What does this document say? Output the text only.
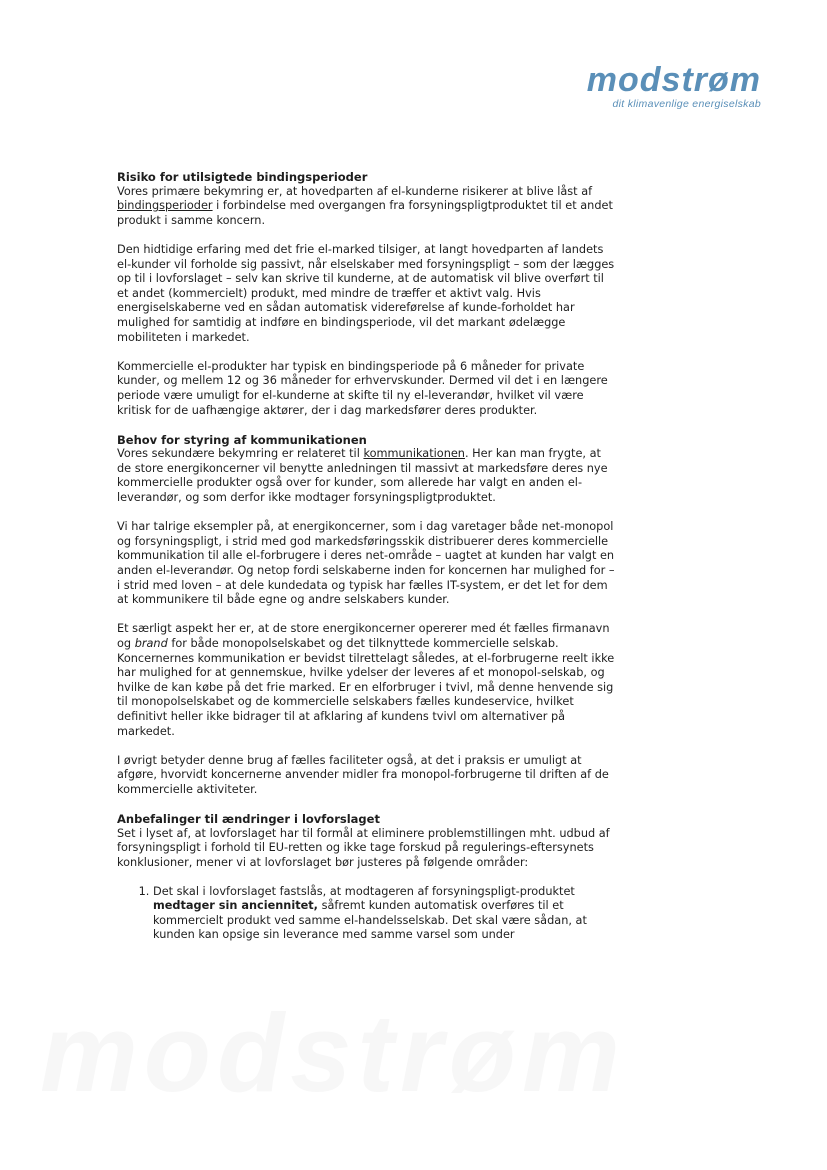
modstrøm
dit klimavenlige energiselskab
Risiko for utilsigtede bindingsperioder

Vores primære bekymring er, at hovedparten af el-kunderne risikerer at blive låst af bindingsperioder i forbindelse med overgangen fra forsyningspligtproduktet til et andet produkt i samme koncern.

Den hidtidige erfaring med det frie el-marked tilsiger, at langt hovedparten af landets el-kunder vil forholde sig passivt, når elselskaber med forsyningspligt – som der lægges op til i lovforslaget – selv kan skrive til kunderne, at de automatisk vil blive overført til et andet (kommercielt) produkt, med mindre de træffer et aktivt valg. Hvis energiselskaberne ved en sådan automatisk videreførelse af kunde-forholdet har mulighed for samtidig at indføre en bindingsperiode, vil det markant ødelægge mobiliteten i markedet.

Kommercielle el-produkter har typisk en bindingsperiode på 6 måneder for private kunder, og mellem 12 og 36 måneder for erhvervskunder. Dermed vil det i en længere periode være umuligt for el-kunderne at skifte til ny el-leverandør, hvilket vil være kritisk for de uafhængige aktører, der i dag markedsfører deres produkter.

Behov for styring af kommunikationen

Vores sekundære bekymring er relateret til kommunikationen. Her kan man frygte, at de store energikoncerner vil benytte anledningen til massivt at markedsføre deres nye kommercielle produkter også over for kunder, som allerede har valgt en anden el-leverandør, og som derfor ikke modtager forsyningspligtproduktet.

Vi har talrige eksempler på, at energikoncerner, som i dag varetager både net-monopol og forsyningspligt, i strid med god markedsføringsskik distribuerer deres kommercielle kommunikation til alle el-forbrugere i deres net-område – uagtet at kunden har valgt en anden el-leverandør. Og netop fordi selskaberne inden for koncernen har mulighed for – i strid med loven – at dele kundedata og typisk har fælles IT-system, er det let for dem at kommunikere til både egne og andre selskabers kunder.

Et særligt aspekt her er, at de store energikoncerner opererer med ét fælles firmanavn og brand for både monopolselskabet og det tilknyttede kommercielle selskab. Koncernernes kommunikation er bevidst tilrettelagt således, at el-forbrugerne reelt ikke har mulighed for at gennemskue, hvilke ydelser der leveres af et monopol-selskab, og hvilke de kan købe på det frie marked. Er en elforbruger i tvivl, må denne henvende sig til monopolselskabet og de kommercielle selskabers fælles kundeservice, hvilket definitivt heller ikke bidrager til at afklaring af kundens tvivl om alternativer på markedet.

I øvrigt betyder denne brug af fælles faciliteter også, at det i praksis er umuligt at afgøre, hvorvidt koncernerne anvender midler fra monopol-forbrugerne til driften af de kommercielle aktiviteter.

Anbefalinger til ændringer i lovforslaget

Set i lyset af, at lovforslaget har til formål at eliminere problemstillingen mht. udbud af forsyningspligt i forhold til EU-retten og ikke tage forskud på regulerings-eftersynets konklusioner, mener vi at lovforslaget bør justeres på følgende områder:

1. Det skal i lovforslaget fastslås, at modtageren af forsyningspligt-produktet medtager sin anciennitet, såfremt kunden automatisk overføres til et kommercielt produkt ved samme el-handelsselskab. Det skal være sådan, at kunden kan opsige sin leverance med samme varsel som under
modstrøm
